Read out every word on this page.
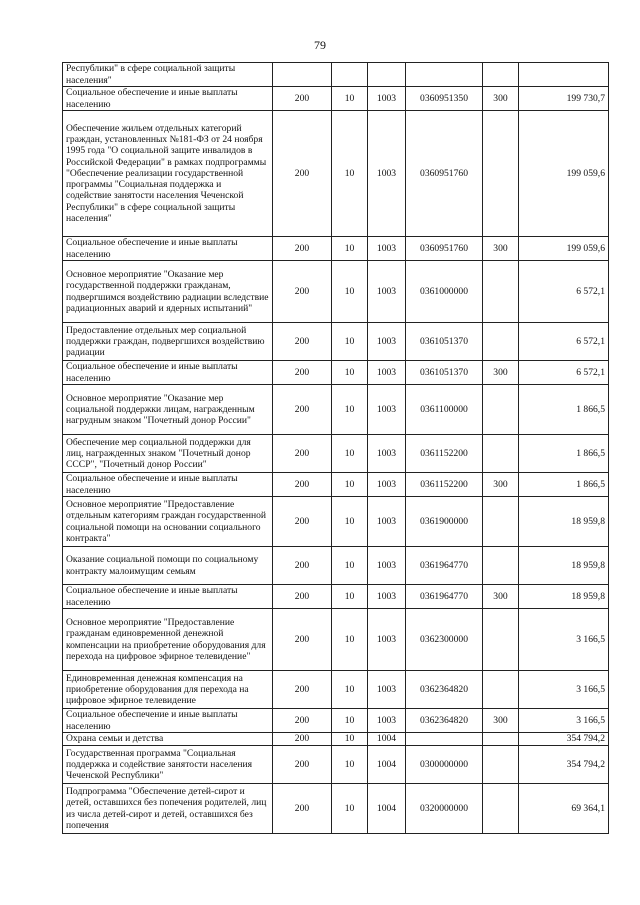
79
Республики" в сфере социальной защиты населения"						
Социальное обеспечение и иные выплаты населению	200	10	1003	0360951350	300	199 730,7
Обеспечение жильем отдельных категорий граждан, установленных №181-ФЗ от 24 ноября 1995 года "О социальной защите инвалидов в Российской Федерации" в рамках подпрограммы "Обеспечение реализации государственной программы "Социальная поддержка и содействие занятости населения Чеченской Республики" в сфере социальной защиты населения"	200	10	1003	0360951760		199 059,6
Социальное обеспечение и иные выплаты населению	200	10	1003	0360951760	300	199 059,6
Основное мероприятие "Оказание мер государственной поддержки гражданам, подвергшимся воздействию радиации вследствие радиационных аварий и ядерных испытаний"	200	10	1003	0361000000		6 572,1
Предоставление отдельных мер социальной поддержки граждан, подвергшихся воздействию радиации	200	10	1003	0361051370		6 572,1
Социальное обеспечение и иные выплаты населению	200	10	1003	0361051370	300	6 572,1
Основное мероприятие "Оказание мер социальной поддержки лицам, награжденным нагрудным знаком "Почетный донор России"	200	10	1003	0361100000		1 866,5
Обеспечение мер социальной поддержки для лиц, награжденных знаком "Почетный донор СССР", "Почетный донор России"	200	10	1003	0361152200		1 866,5
Социальное обеспечение и иные выплаты населению	200	10	1003	0361152200	300	1 866,5
Основное мероприятие "Предоставление отдельным категориям граждан государственной социальной помощи на основании социального контракта"	200	10	1003	0361900000		18 959,8
Оказание социальной помощи по социальному контракту малоимущим семьям	200	10	1003	0361964770		18 959,8
Социальное обеспечение и иные выплаты населению	200	10	1003	0361964770	300	18 959,8
Основное мероприятие "Предоставление гражданам единовременной денежной компенсации на приобретение оборудования для перехода на цифровое эфирное телевидение"	200	10	1003	0362300000		3 166,5
Единовременная денежная компенсация на приобретение оборудования для перехода на цифровое эфирное телевидение	200	10	1003	0362364820		3 166,5
Социальное обеспечение и иные выплаты населению	200	10	1003	0362364820	300	3 166,5
Охрана семьи и детства	200	10	1004			354 794,2
Государственная программа "Социальная поддержка и содействие занятости населения Чеченской Республики"	200	10	1004	0300000000		354 794,2
Подпрограмма "Обеспечение детей-сирот и детей, оставшихся без попечения родителей, лиц из числа детей-сирот и детей, оставшихся без попечения	200	10	1004	0320000000		69 364,1
